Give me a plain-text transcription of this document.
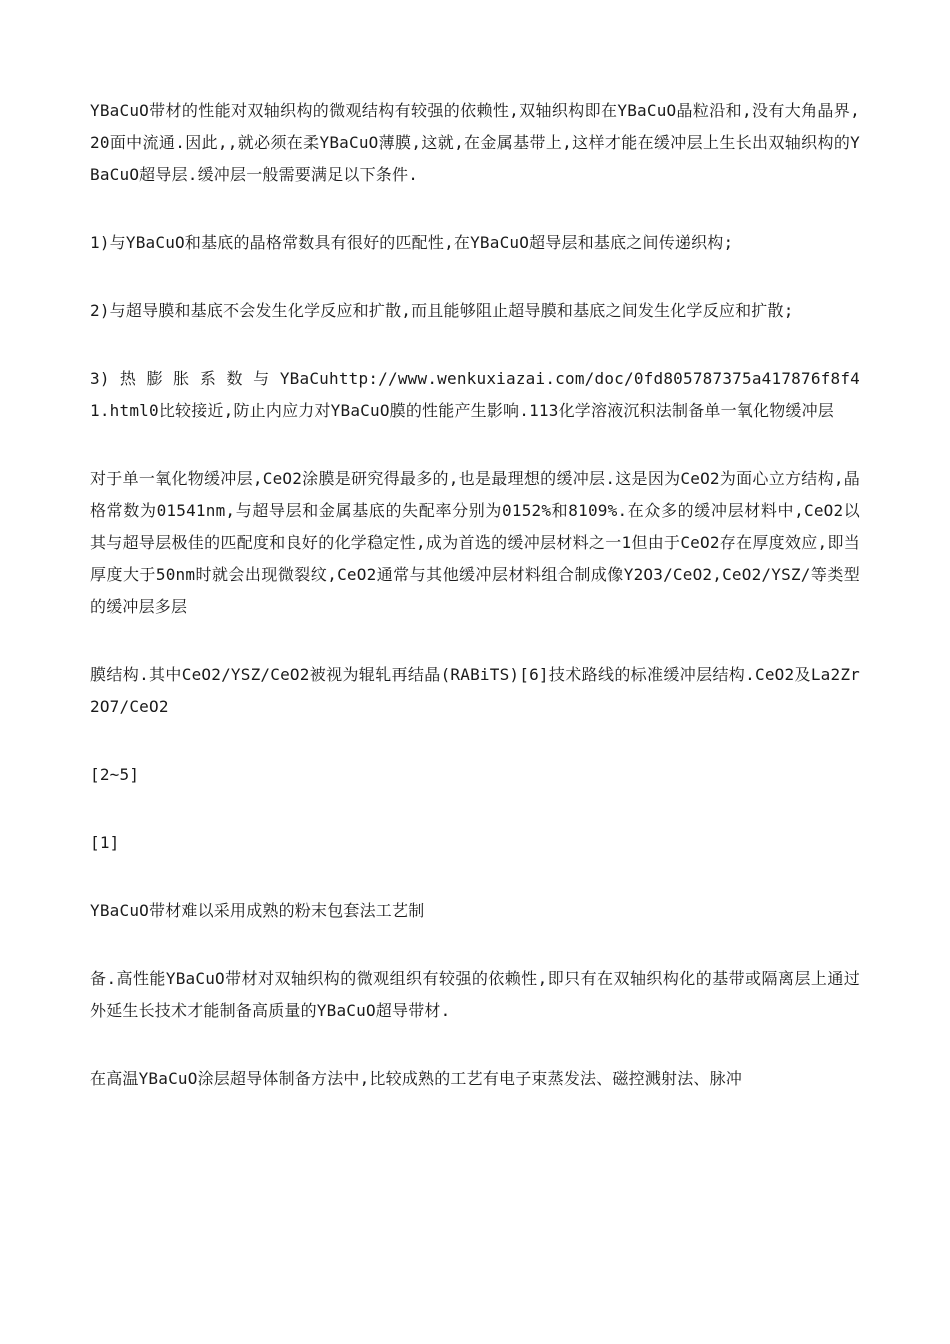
YBaCuO带材的性能对双轴织构的微观结构有较强的依赖性,双轴织构即在YBaCuO晶粒沿和,没有大角晶界,20面中流通.因此,,就必须在柔YBaCuO薄膜,这就,在金属基带上,这样才能在缓冲层上生长出双轴织构的YBaCuO超导层.缓冲层一般需要满足以下条件.

1)与YBaCuO和基底的晶格常数具有很好的匹配性,在YBaCuO超导层和基底之间传递织构;

2)与超导膜和基底不会发生化学反应和扩散,而且能够阻止超导膜和基底之间发生化学反应和扩散;

3) 热 膨 胀 系 数 与 YBaCuhttp://www.wenkuxiazai.com/doc/0fd805787375a417876f8f41.html0比较接近,防止内应力对YBaCuO膜的性能产生影响.113化学溶液沉积法制备单一氧化物缓冲层

对于单一氧化物缓冲层,CeO2涂膜是研究得最多的,也是最理想的缓冲层.这是因为CeO2为面心立方结构,晶格常数为01541nm,与超导层和金属基底的失配率分别为0152%和8109%.在众多的缓冲层材料中,CeO2以其与超导层极佳的匹配度和良好的化学稳定性,成为首选的缓冲层材料之一1但由于CeO2存在厚度效应,即当厚度大于50nm时就会出现微裂纹,CeO2通常与其他缓冲层材料组合制成像Y2O3/CeO2,CeO2/YSZ/等类型的缓冲层多层

膜结构.其中CeO2/YSZ/CeO2被视为辊轧再结晶(RABiTS)[6]技术路线的标准缓冲层结构.CeO2及La2Zr2O7/CeO2

[2~5]

[1]

YBaCuO带材难以采用成熟的粉末包套法工艺制

备.高性能YBaCuO带材对双轴织构的微观组织有较强的依赖性,即只有在双轴织构化的基带或隔离层上通过外延生长技术才能制备高质量的YBaCuO超导带材.

在高温YBaCuO涂层超导体制备方法中,比较成熟的工艺有电子束蒸发法、磁控溅射法、脉冲
